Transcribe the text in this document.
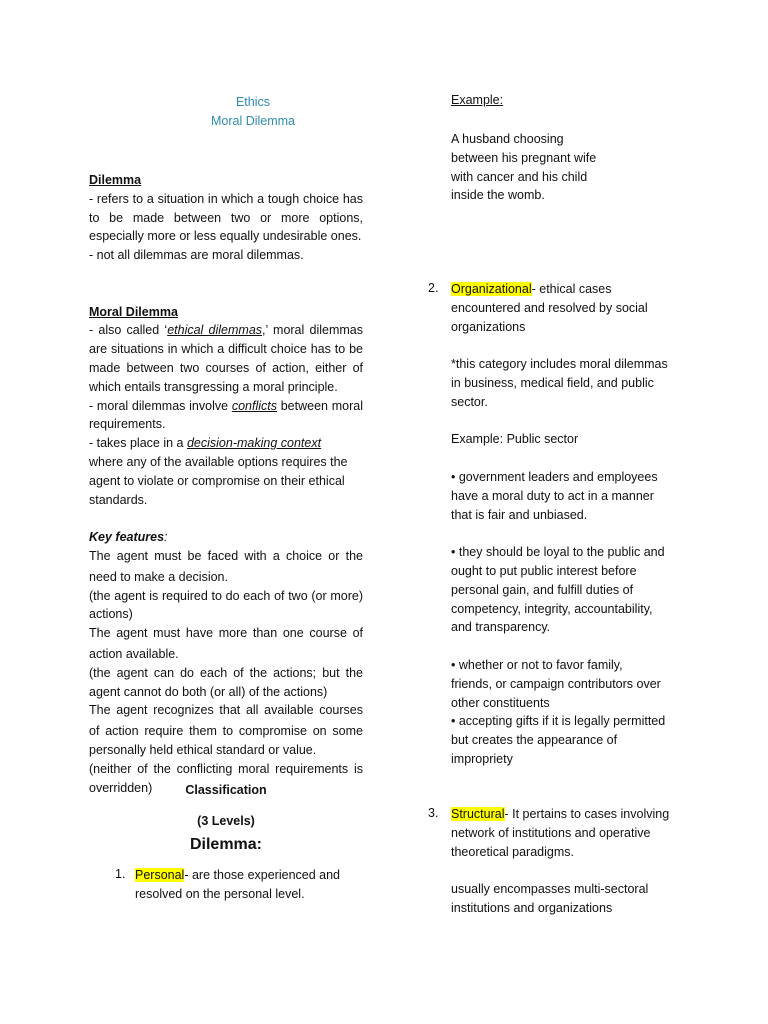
Ethics
Moral Dilemma

Dilemma

- refers to a situation in which a tough choice has to be made between two or more options, especially more or less equally undesirable ones.

- not all dilemmas are moral dilemmas.

Moral Dilemma

- also called ‘ethical dilemmas,’ moral dilemmas are situations in which a difficult choice has to be made between two courses of action, either of which entails transgressing a moral principle.

- moral dilemmas involve conflicts between moral requirements.

- takes place in a decision-making context

where any of the available options requires the agent to violate or compromise on their ethical standards.

Key features:

The agent must be faced with a choice or the need to make a decision.

(the agent is required to do each of two (or more) actions)

The agent must have more than one course of action available.

(the agent can do each of the actions; but the agent cannot do both (or all) of the actions)

The agent recognizes that all available courses of action require them to compromise on some personally held ethical standard or value.

(neither of the conflicting moral requirements is overridden)	Classification
(3 Levels)
Dilemma:
1. Personal- are those experienced and resolved on the personal level.

Example:

A husband choosing

between his pregnant wife

with cancer and his child

inside the womb.

2. Organizational- ethical cases

encountered and resolved by social

organizations

*this category includes moral dilemmas

in business, medical field, and public

sector.

Example: Public sector

• government leaders and employees

have a moral duty to act in a manner

that is fair and unbiased.

• they should be loyal to the public and

ought to put public interest before

personal gain, and fulfill duties of

competency, integrity, accountability,

and transparency.

• whether or not to favor family,

friends, or campaign contributors over

other constituents

• accepting gifts if it is legally permitted

but creates the appearance of

impropriety

3. Structural- It pertains to cases involving

network of institutions and operative

theoretical paradigms.

usually encompasses multi-sectoral

institutions and organizations
